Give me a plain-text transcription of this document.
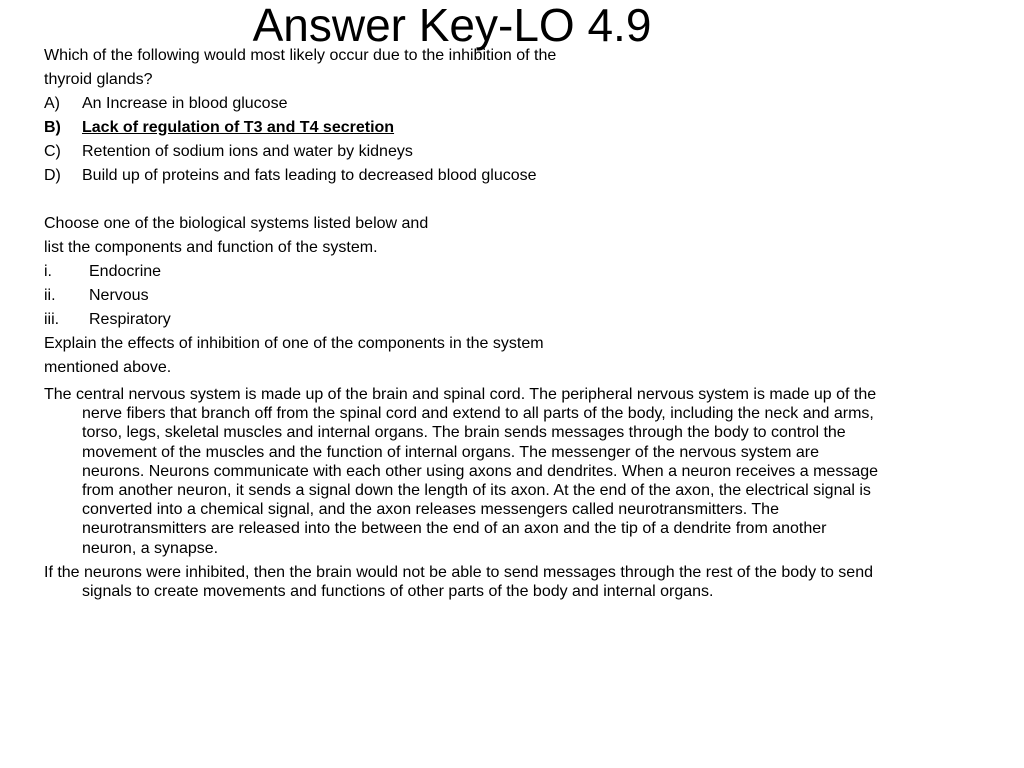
Answer Key-LO 4.9
Which of the following would most likely occur due to the inhibition of the
thyroid glands?
A)	An Increase in blood glucose
B)	Lack of regulation of T3 and T4 secretion
C)	Retention of sodium ions and water by kidneys
D)	Build up of proteins and fats leading to decreased blood glucose
Choose one of the biological systems listed below and
list the components and function of the system.
i.	Endocrine
ii.	Nervous
iii.	Respiratory
Explain the effects of inhibition of one of the components in the system
mentioned above.
The central nervous system is made up of the brain and spinal cord. The peripheral nervous system is made up of the nerve fibers that branch off from the spinal cord and extend to all parts of the body, including the neck and arms, torso, legs, skeletal muscles and internal organs. The brain sends messages through the body to control the movement of the muscles and the function of internal organs. The messenger of the nervous system are neurons. Neurons communicate with each other using axons and dendrites. When a neuron receives a message from another neuron, it sends a signal down the length of its axon. At the end of the axon, the electrical signal is converted into a chemical signal, and the axon releases messengers called neurotransmitters. The neurotransmitters are released into the between the end of an axon and the tip of a dendrite from another neuron, a synapse.
If the neurons were inhibited, then the brain would not be able to send messages through the rest of the body to send signals to create movements and functions of other parts of the body and internal organs.
